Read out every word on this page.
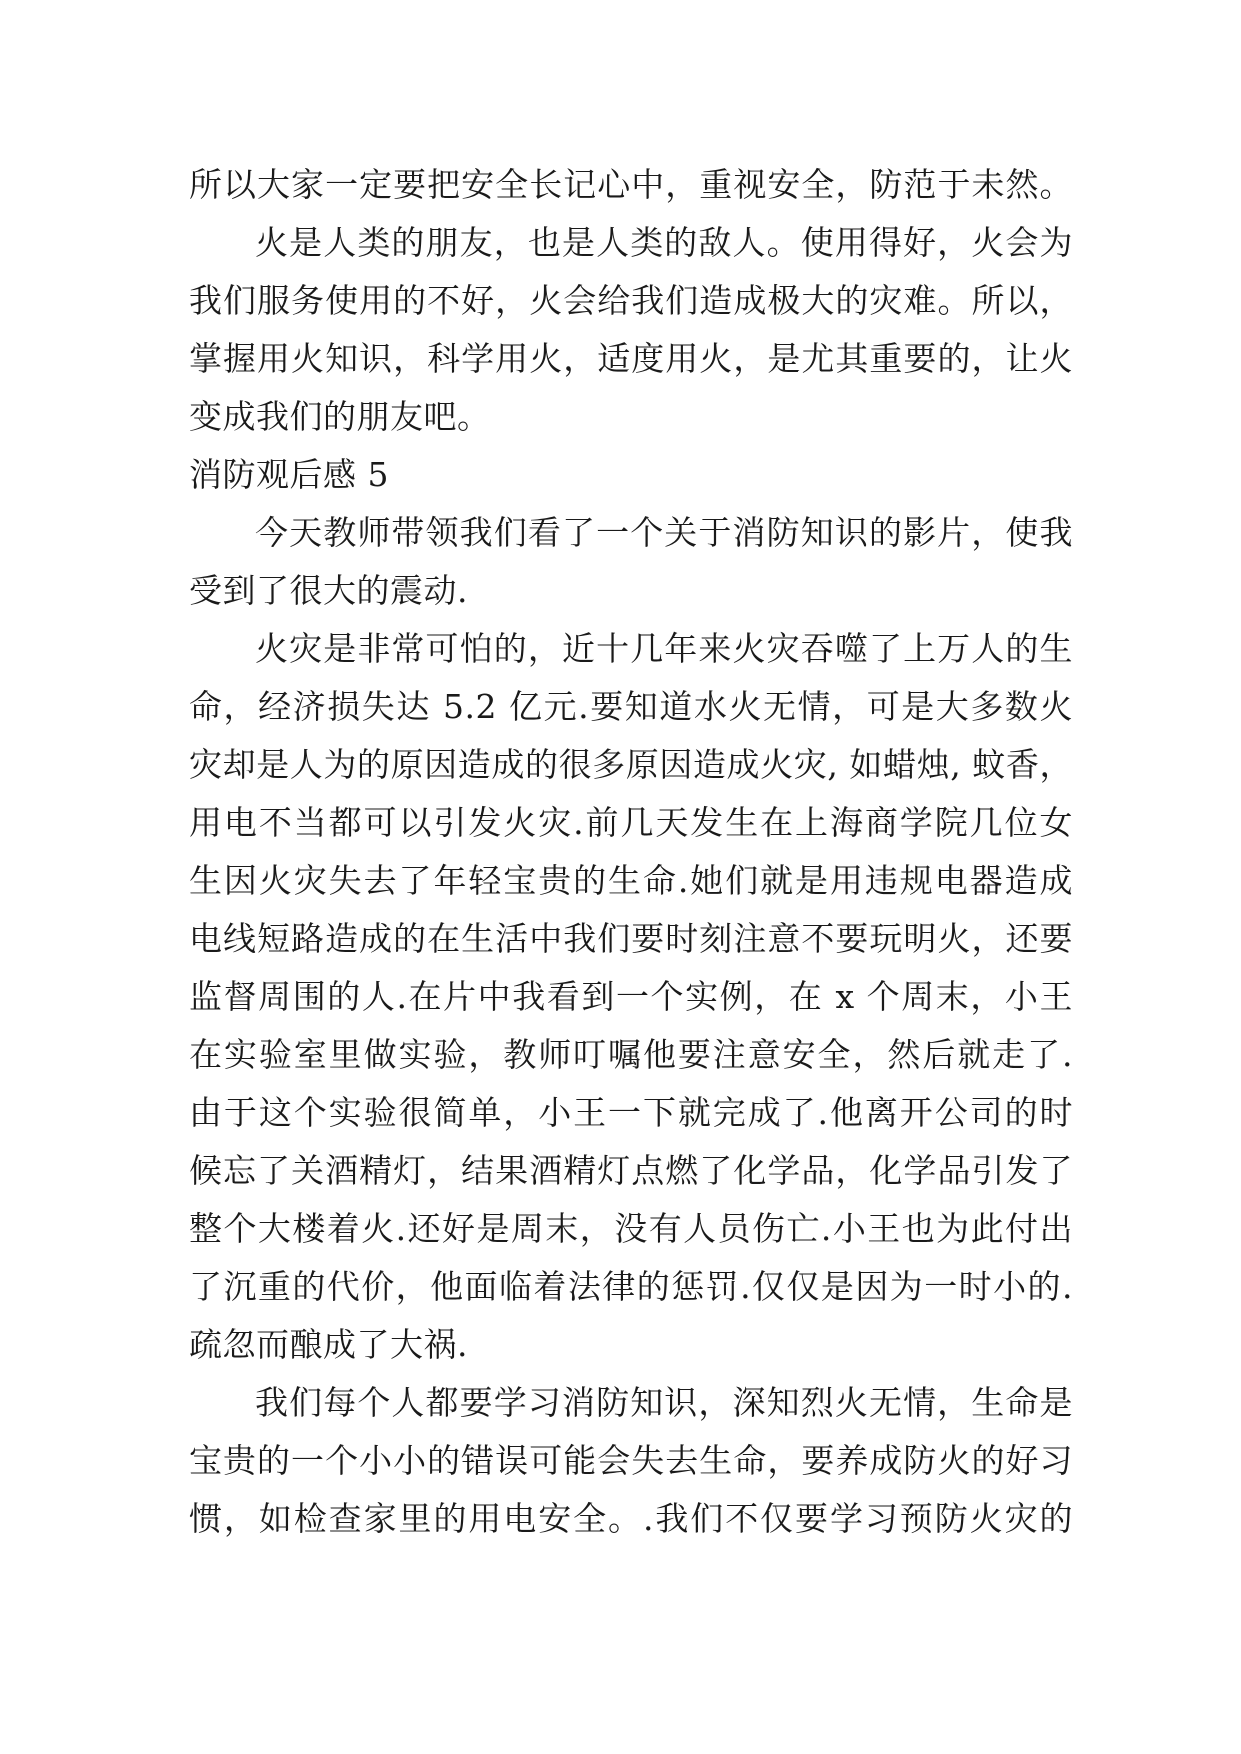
所以大家一定要把安全长记心中，重视安全，防范于未然。
火是人类的朋友，也是人类的敌人。使用得好，火会为
我们服务使用的不好，火会给我们造成极大的灾难。所以，
掌握用火知识，科学用火，适度用火，是尤其重要的，让火
变成我们的朋友吧。
消防观后感 5
今天教师带领我们看了一个关于消防知识的影片，使我
受到了很大的震动.
火灾是非常可怕的，近十几年来火灾吞噬了上万人的生
命，经济损失达 5.2 亿元.要知道水火无情，可是大多数火
灾却是人为的原因造成的很多原因造成火灾, 如蜡烛, 蚊香，
用电不当都可以引发火灾.前几天发生在上海商学院几位女
生因火灾失去了年轻宝贵的生命.她们就是用违规电器造成
电线短路造成的在生活中我们要时刻注意不要玩明火，还要
监督周围的人.在片中我看到一个实例，在 x 个周末，小王
在实验室里做实验，教师叮嘱他要注意安全，然后就走了.
由于这个实验很简单，小王一下就完成了.他离开公司的时
候忘了关酒精灯，结果酒精灯点燃了化学品，化学品引发了
整个大楼着火.还好是周末，没有人员伤亡.小王也为此付出
了沉重的代价，他面临着法律的惩罚.仅仅是因为一时小的.
疏忽而酿成了大祸.
我们每个人都要学习消防知识，深知烈火无情，生命是
宝贵的一个小小的错误可能会失去生命，要养成防火的好习
惯，如检查家里的用电安全。.我们不仅要学习预防火灾的
